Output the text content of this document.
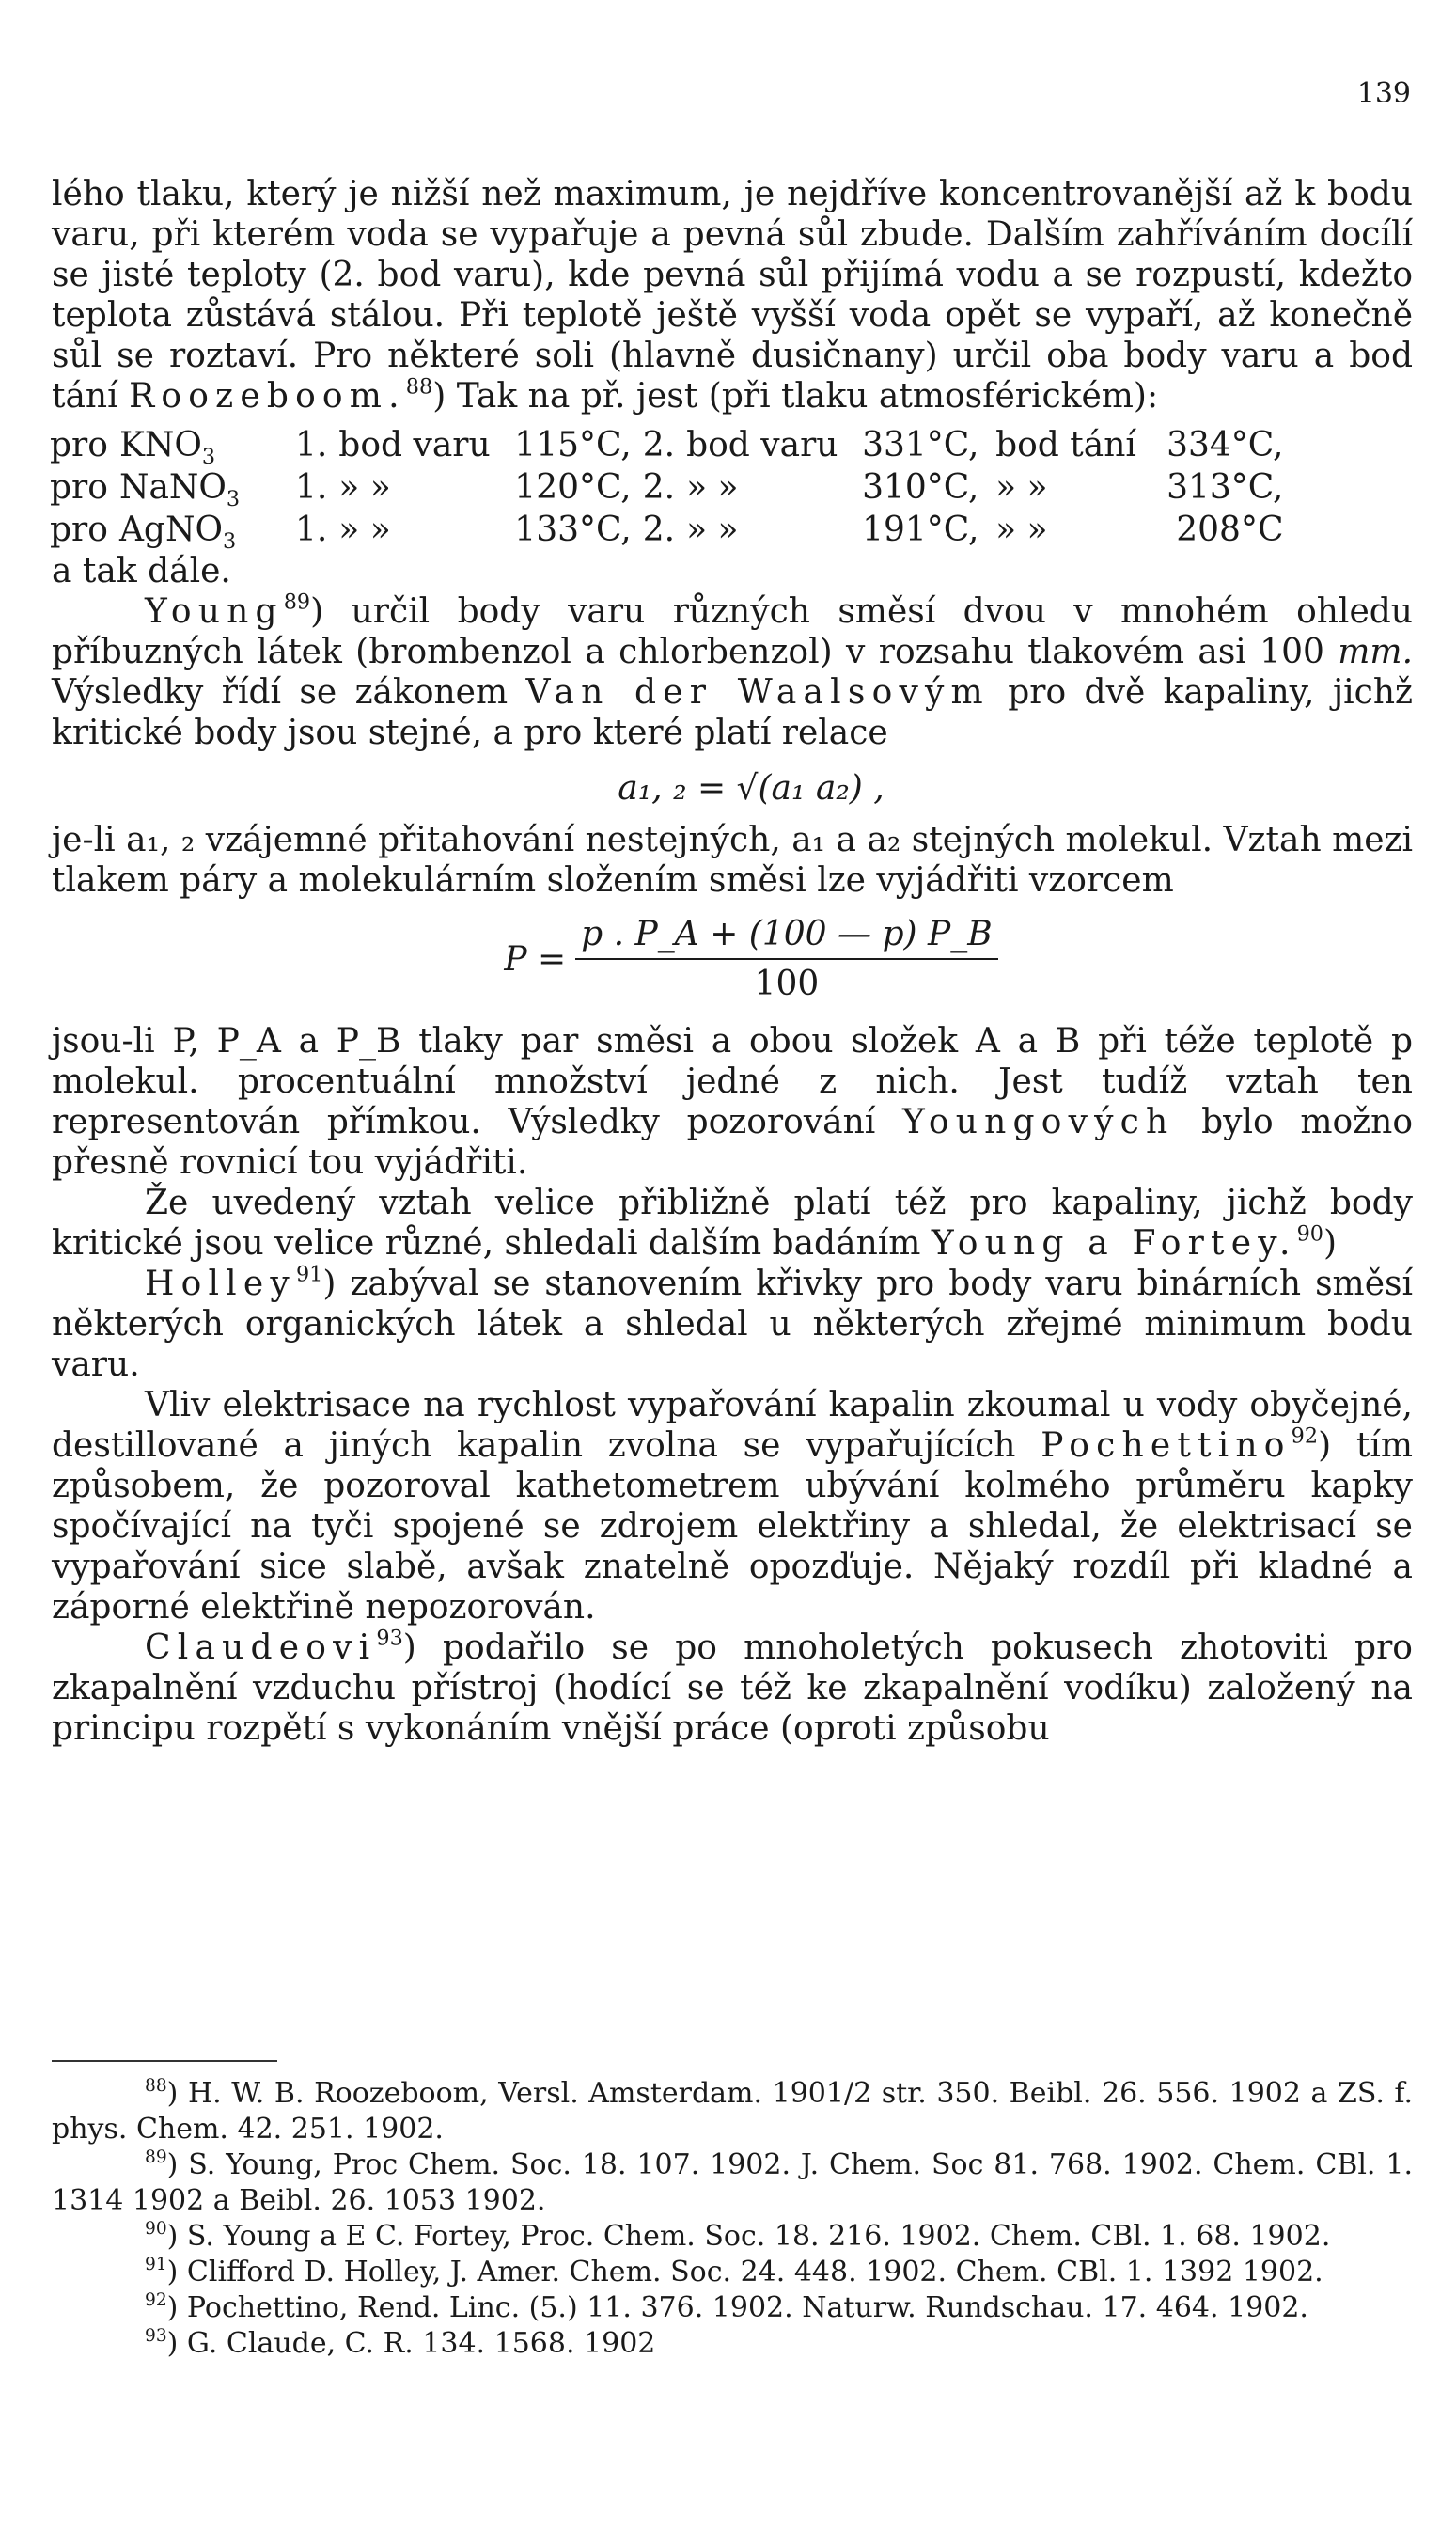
139

lého tlaku, který je nižší než maximum, je nejdříve koncentrovanější až k bodu varu, při kterém voda se vypařuje a pevná sůl zbude. Dalším zahříváním docílí se jisté teploty (2. bod varu), kde pevná sůl přijímá vodu a se rozpustí, kdežto teplota zůstává stálou. Při teplotě ještě vyšší voda opět se vypaří, až konečně sůl se roztaví. Pro některé soli (hlavně dusičnany) určil oba body varu a bod tání Roozeboom.$^{88}$) Tak na př. jest (při tlaku atmosférickém):

pro	$KNO_3$	1.	bod varu	115°C,	2.	bod varu	331°C,	bod tání	334°C,
pro	NaNO$_3$	1.	» »	120°C,	2.	» »	310°C,	» »	313°C,
pro	AgNO$_3$	1.	» »	133°C,	2.	» »	191°C,	» »	208°C

a tak dále.

Young$^{89}$) určil body varu různých směsí dvou v mnohém ohledu příbuzných látek (brombenzol a chlorbenzol) v rozsahu tlakovém asi 100 mm. Výsledky řídí se zákonem Van der Waalsovým pro dvě kapaliny, jichž kritické body jsou stejné, a pro které platí relace

a₁, ₂ = √(a₁ a₂) ,

je-li a₁, ₂ vzájemné přitahování nestejných, a₁ a a₂ stejných molekul. Vztah mezi tlakem páry a molekulárním složením směsi lze vyjádřiti vzorcem

$P = \frac{p . P\_A + (100 — p) P\_B}{100}$

jsou-li P, P_A a P_B tlaky par směsi a obou složek A a B při téže teplotě p molekul. procentuální množství jedné z nich. Jest tudíž vztah ten representován přímkou. Výsledky pozorování Youngových bylo možno přesně rovnicí tou vyjádřiti.

Že uvedený vztah velice přibližně platí též pro kapaliny, jichž body kritické jsou velice různé, shledali dalším badáním Young a Fortey.$^{90}$)

Holley$^{91}$) zabýval se stanovením křivky pro body varu binárních směsí některých organických látek a shledal u některých zřejmé minimum bodu varu.

Vliv elektrisace na rychlost vypařování kapalin zkoumal u vody obyčejné, destillované a jiných kapalin zvolna se vypařujících Pochettino$^{92}$) tím způsobem, že pozoroval kathetometrem ubývání kolmého průměru kapky spočívající na tyči spojené se zdrojem elektřiny a shledal, že elektrisací se vypařování sice slabě, avšak znatelně opozďuje. Nějaký rozdíl při kladné a záporné elektřině nepozorován.

Claudeovi$^{93}$) podařilo se po mnoholetých pokusech zhotoviti pro zkapalnění vzduchu přístroj (hodící se též ke zkapalnění vodíku) založený na principu rozpětí s vykonáním vnější práce (oproti způsobu

$^{88}$) H. W. B. Roozeboom, Versl. Amsterdam. 1901/2 str. 350. Beibl. 26. 556. 1902 a ZS. f. phys. Chem. 42. 251. 1902.

$^{89}$) S. Young, Proc Chem. Soc. 18. 107. 1902. J. Chem. Soc 81. 768. 1902. Chem. CBl. 1. 1314 1902 a Beibl. 26. 1053 1902.

$^{90}$) S. Young a E C. Fortey, Proc. Chem. Soc. 18. 216. 1902. Chem. CBl. 1. 68. 1902.

$^{91}$) Clifford D. Holley, J. Amer. Chem. Soc. 24. 448. 1902. Chem. CBl. 1. 1392 1902.

$^{92}$) Pochettino, Rend. Linc. (5.) 11. 376. 1902. Naturw. Rundschau. 17. 464. 1902.

$^{93}$) G. Claude, C. R. 134. 1568. 1902
